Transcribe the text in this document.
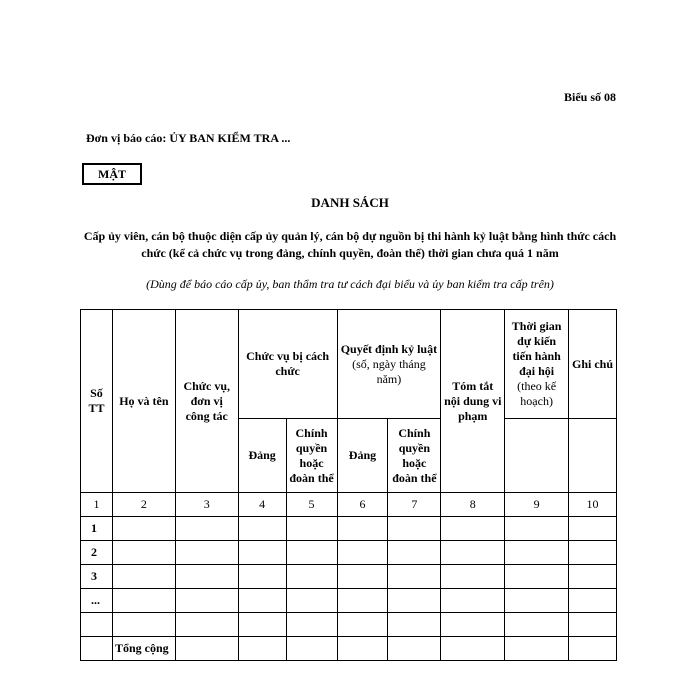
Biểu số 08
Đơn vị báo cáo: ỦY BAN KIỂM TRA ...
MẬT
DANH SÁCH
Cấp ủy viên, cán bộ thuộc diện cấp ủy quản lý, cán bộ dự nguồn bị thi hành kỷ luật bằng hình thức cách chức (kể cả chức vụ trong đảng, chính quyền, đoàn thể) thời gian chưa quá 1 năm
(Dùng để báo cáo cấp ủy, ban thẩm tra tư cách đại biểu và ủy ban kiểm tra cấp trên)
Số TT	Họ và tên	Chức vụ, đơn vị công tác	Chức vụ bị cách chức		Quyết định kỷ luật (số, ngày tháng năm)		Tóm tắt nội dung vi phạm	Thời gian dự kiến tiến hành đại hội (theo kế hoạch)	Ghi chú
			Đảng	Chính quyền hoặc đoàn thể	Đảng	Chính quyền hoặc đoàn thể			
1	2	3	4	5	6	7	8	9	10
1									
2									
3									
...									

	Tổng cộng								
